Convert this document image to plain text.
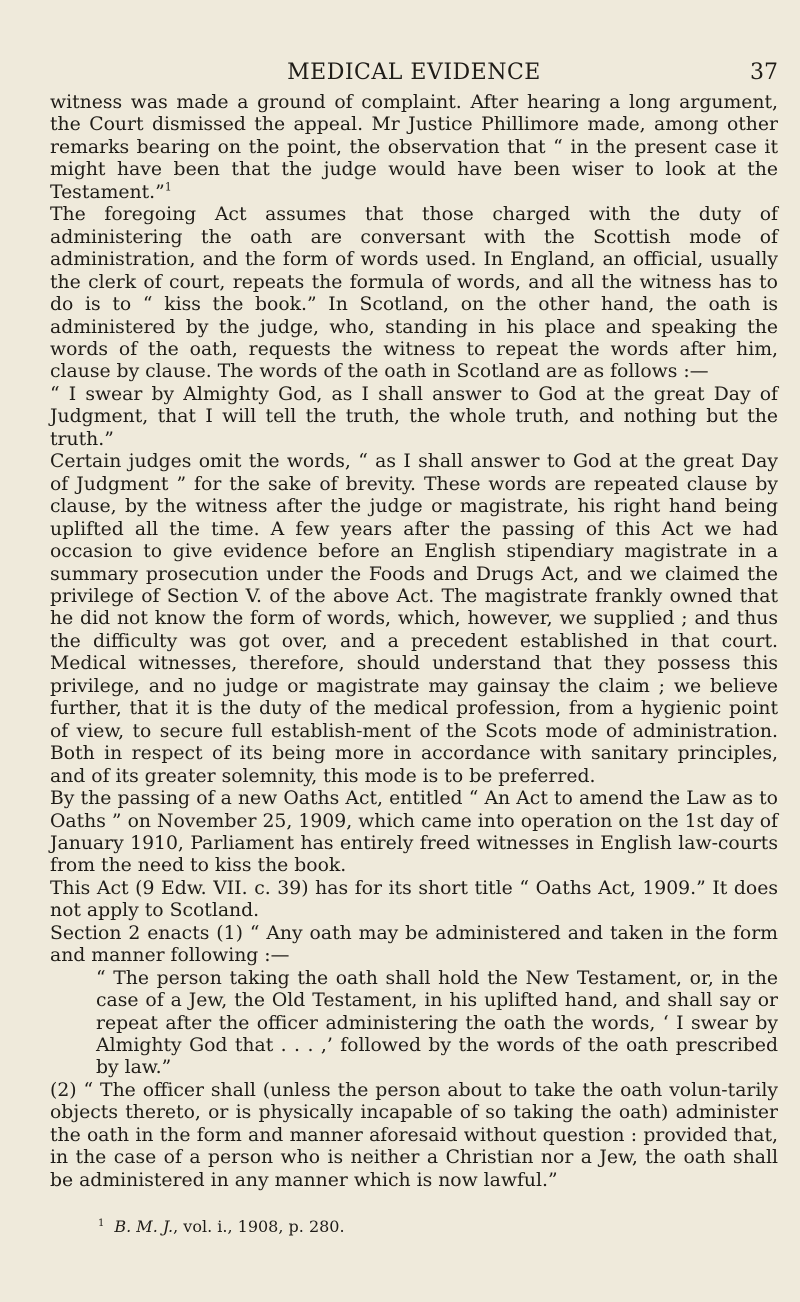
MEDICAL EVIDENCE	37

witness was made a ground of complaint. After hearing a long argument, the Court dismissed the appeal. Mr Justice Phillimore made, among other remarks bearing on the point, the observation that “ in the present case it might have been that the judge would have been wiser to look at the Testament.”$^1$

The foregoing Act assumes that those charged with the duty of administering the oath are conversant with the Scottish mode of administration, and the form of words used. In England, an official, usually the clerk of court, repeats the formula of words, and all the witness has to do is to “ kiss the book.” In Scotland, on the other hand, the oath is administered by the judge, who, standing in his place and speaking the words of the oath, requests the witness to repeat the words after him, clause by clause. The words of the oath in Scotland are as follows :—

“ I swear by Almighty God, as I shall answer to God at the great Day of Judgment, that I will tell the truth, the whole truth, and nothing but the truth.”

Certain judges omit the words, “ as I shall answer to God at the great Day of Judgment ” for the sake of brevity. These words are repeated clause by clause, by the witness after the judge or magistrate, his right hand being uplifted all the time. A few years after the passing of this Act we had occasion to give evidence before an English stipendiary magistrate in a summary prosecution under the Foods and Drugs Act, and we claimed the privilege of Section V. of the above Act. The magistrate frankly owned that he did not know the form of words, which, however, we supplied ; and thus the difficulty was got over, and a precedent established in that court. Medical witnesses, therefore, should understand that they possess this privilege, and no judge or magistrate may gainsay the claim ; we believe further, that it is the duty of the medical profession, from a hygienic point of view, to secure full establish-ment of the Scots mode of administration. Both in respect of its being more in accordance with sanitary principles, and of its greater solemnity, this mode is to be preferred.

By the passing of a new Oaths Act, entitled “ An Act to amend the Law as to Oaths ” on November 25, 1909, which came into operation on the 1st day of January 1910, Parliament has entirely freed witnesses in English law-courts from the need to kiss the book.

This Act (9 Edw. VII. c. 39) has for its short title “ Oaths Act, 1909.” It does not apply to Scotland.

Section 2 enacts (1) “ Any oath may be administered and taken in the form and manner following :—

“ The person taking the oath shall hold the New Testament, or, in the case of a Jew, the Old Testament, in his uplifted hand, and shall say or repeat after the officer administering the oath the words, ‘ I swear by Almighty God that . . . ,’ followed by the words of the oath prescribed by law.”

(2) “ The officer shall (unless the person about to take the oath volun-tarily objects thereto, or is physically incapable of so taking the oath) administer the oath in the form and manner aforesaid without question : provided that, in the case of a person who is neither a Christian nor a Jew, the oath shall be administered in any manner which is now lawful.”

$^1$ B. M. J., vol. i., 1908, p. 280.
